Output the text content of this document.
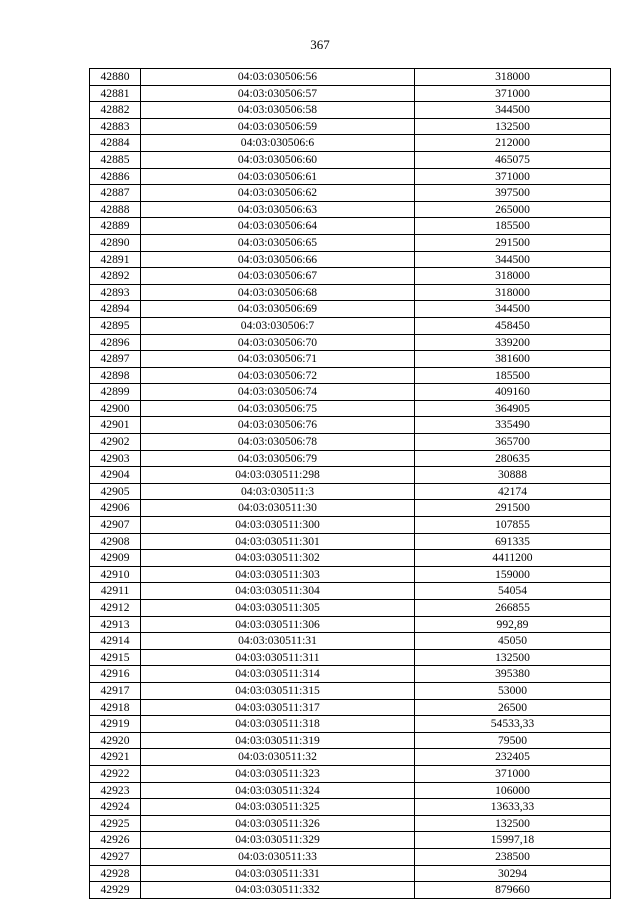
367
42880	04:03:030506:56	318000
42881	04:03:030506:57	371000
42882	04:03:030506:58	344500
42883	04:03:030506:59	132500
42884	04:03:030506:6	212000
42885	04:03:030506:60	465075
42886	04:03:030506:61	371000
42887	04:03:030506:62	397500
42888	04:03:030506:63	265000
42889	04:03:030506:64	185500
42890	04:03:030506:65	291500
42891	04:03:030506:66	344500
42892	04:03:030506:67	318000
42893	04:03:030506:68	318000
42894	04:03:030506:69	344500
42895	04:03:030506:7	458450
42896	04:03:030506:70	339200
42897	04:03:030506:71	381600
42898	04:03:030506:72	185500
42899	04:03:030506:74	409160
42900	04:03:030506:75	364905
42901	04:03:030506:76	335490
42902	04:03:030506:78	365700
42903	04:03:030506:79	280635
42904	04:03:030511:298	30888
42905	04:03:030511:3	42174
42906	04:03:030511:30	291500
42907	04:03:030511:300	107855
42908	04:03:030511:301	691335
42909	04:03:030511:302	4411200
42910	04:03:030511:303	159000
42911	04:03:030511:304	54054
42912	04:03:030511:305	266855
42913	04:03:030511:306	992,89
42914	04:03:030511:31	45050
42915	04:03:030511:311	132500
42916	04:03:030511:314	395380
42917	04:03:030511:315	53000
42918	04:03:030511:317	26500
42919	04:03:030511:318	54533,33
42920	04:03:030511:319	79500
42921	04:03:030511:32	232405
42922	04:03:030511:323	371000
42923	04:03:030511:324	106000
42924	04:03:030511:325	13633,33
42925	04:03:030511:326	132500
42926	04:03:030511:329	15997,18
42927	04:03:030511:33	238500
42928	04:03:030511:331	30294
42929	04:03:030511:332	879660
